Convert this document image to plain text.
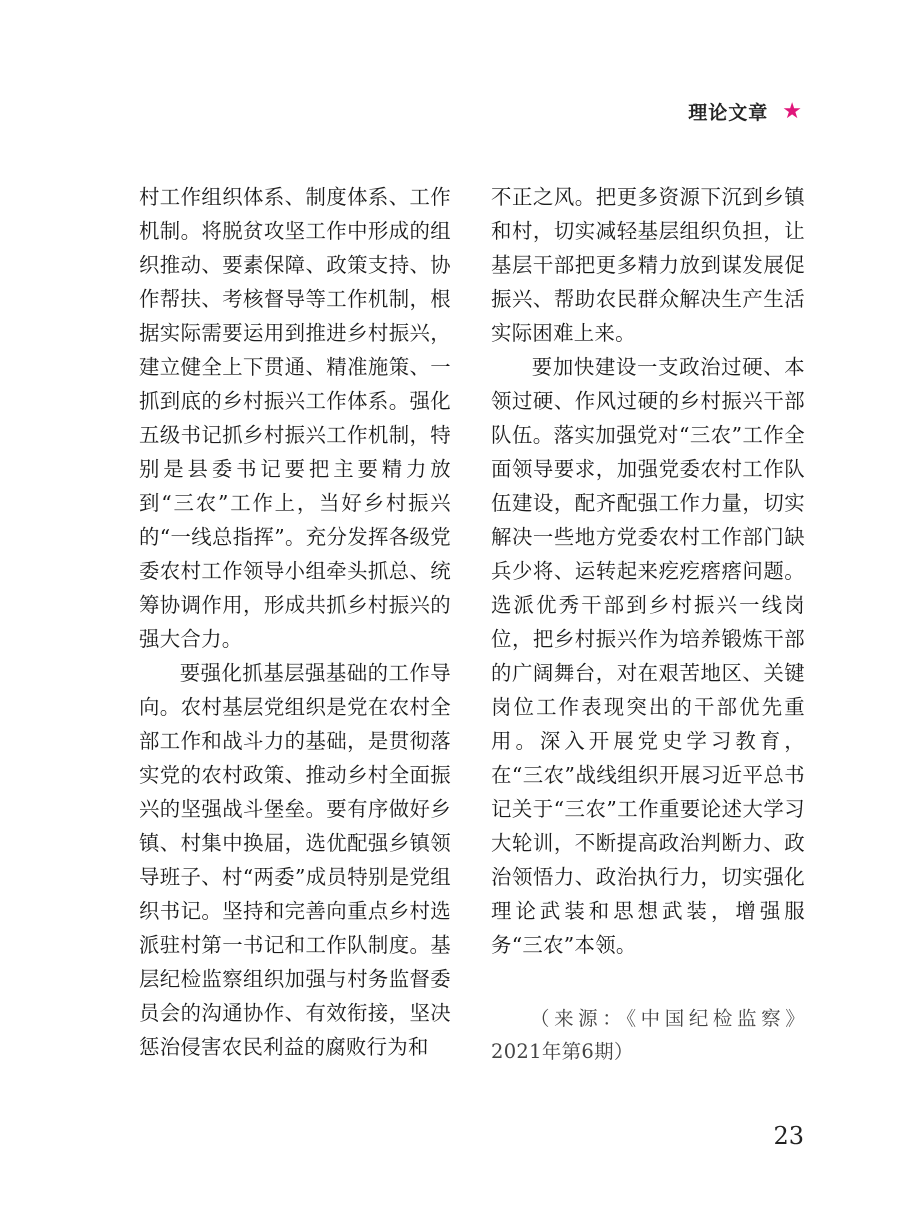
理论文章 ★

村工作组织体系、制度体系、工作机制。将脱贫攻坚工作中形成的组织推动、要素保障、政策支持、协作帮扶、考核督导等工作机制，根据实际需要运用到推进乡村振兴，建立健全上下贯通、精准施策、一抓到底的乡村振兴工作体系。强化五级书记抓乡村振兴工作机制，特别是县委书记要把主要精力放到“三农”工作上，当好乡村振兴的“一线总指挥”。充分发挥各级党委农村工作领导小组牵头抓总、统筹协调作用，形成共抓乡村振兴的强大合力。

要强化抓基层强基础的工作导向。农村基层党组织是党在农村全部工作和战斗力的基础，是贯彻落实党的农村政策、推动乡村全面振兴的坚强战斗堡垒。要有序做好乡镇、村集中换届，选优配强乡镇领导班子、村“两委”成员特别是党组织书记。坚持和完善向重点乡村选派驻村第一书记和工作队制度。基层纪检监察组织加强与村务监督委员会的沟通协作、有效衔接，坚决惩治侵害农民利益的腐败行为和

不正之风。把更多资源下沉到乡镇和村，切实减轻基层组织负担，让基层干部把更多精力放到谋发展促振兴、帮助农民群众解决生产生活实际困难上来。

要加快建设一支政治过硬、本领过硬、作风过硬的乡村振兴干部队伍。落实加强党对“三农”工作全面领导要求，加强党委农村工作队伍建设，配齐配强工作力量，切实解决一些地方党委农村工作部门缺兵少将、运转起来疙疙瘩瘩问题。选派优秀干部到乡村振兴一线岗位，把乡村振兴作为培养锻炼干部的广阔舞台，对在艰苦地区、关键岗位工作表现突出的干部优先重用。深入开展党史学习教育，在“三农”战线组织开展习近平总书记关于“三农”工作重要论述大学习大轮训，不断提高政治判断力、政治领悟力、政治执行力，切实强化理论武装和思想武装，增强服务“三农”本领。

（来源：《中国纪检监察》2021年第6期）

23
